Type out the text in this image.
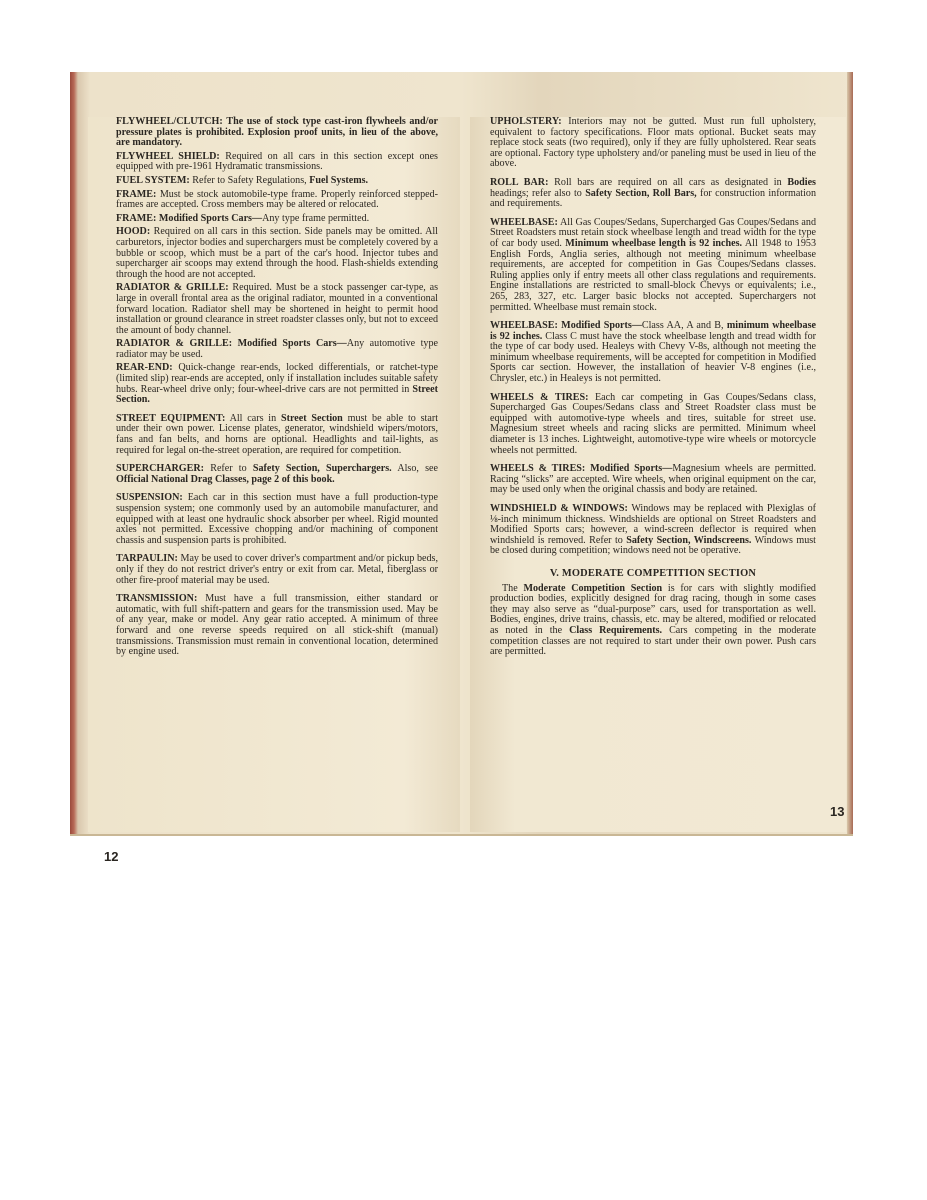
FLYWHEEL/CLUTCH: The use of stock type cast-iron flywheels and/or pressure plates is prohibited. Explosion proof units, in lieu of the above, are mandatory.

FLYWHEEL SHIELD: Required on all cars in this section except ones equipped with pre-1961 Hydramatic transmissions.

FUEL SYSTEM: Refer to Safety Regulations, Fuel Systems.

FRAME: Must be stock automobile-type frame. Properly reinforced stepped-frames are accepted. Cross members may be altered or relocated.

FRAME: Modified Sports Cars—Any type frame permitted.

HOOD: Required on all cars in this section. Side panels may be omitted. All carburetors, injector bodies and superchargers must be completely covered by a bubble or scoop, which must be a part of the car's hood. Injector tubes and supercharger air scoops may extend through the hood. Flash-shields extending through the hood are not accepted.

RADIATOR & GRILLE: Required. Must be a stock passenger car-type, as large in overall frontal area as the original radiator, mounted in a conventional forward location. Radiator shell may be shortened in height to permit hood installation or ground clearance in street roadster classes only, but not to exceed the amount of body channel.

RADIATOR & GRILLE: Modified Sports Cars—Any automotive type radiator may be used.

REAR-END: Quick-change rear-ends, locked differentials, or ratchet-type (limited slip) rear-ends are accepted, only if installation includes suitable safety hubs. Rear-wheel drive only; four-wheel-drive cars are not permitted in Street Section.

STREET EQUIPMENT: All cars in Street Section must be able to start under their own power. License plates, generator, windshield wipers/motors, fans and fan belts, and horns are optional. Headlights and tail-lights, as required for legal on-the-street operation, are required for competition.

SUPERCHARGER: Refer to Safety Section, Superchargers. Also, see Official National Drag Classes, page 2 of this book.

SUSPENSION: Each car in this section must have a full production-type suspension system; one commonly used by an automobile manufacturer, and equipped with at least one hydraulic shock absorber per wheel. Rigid mounted axles not permitted. Excessive chopping and/or machining of component chassis and suspension parts is prohibited.

TARPAULIN: May be used to cover driver's compartment and/or pickup beds, only if they do not restrict driver's entry or exit from car. Metal, fiberglass or other fire-proof material may be used.

TRANSMISSION: Must have a full transmission, either standard or automatic, with full shift-pattern and gears for the transmission used. May be of any year, make or model. Any gear ratio accepted. A minimum of three forward and one reverse speeds required on all stick-shift (manual) transmissions. Transmission must remain in conventional location, determined by engine used.

12

UPHOLSTERY: Interiors may not be gutted. Must run full upholstery, equivalent to factory specifications. Floor mats optional. Bucket seats may replace stock seats (two required), only if they are fully upholstered. Rear seats are optional. Factory type upholstery and/or paneling must be used in lieu of the above.

ROLL BAR: Roll bars are required on all cars as designated in Bodies headings; refer also to Safety Section, Roll Bars, for construction information and requirements.

WHEELBASE: All Gas Coupes/Sedans, Supercharged Gas Coupes/Sedans and Street Roadsters must retain stock wheelbase length and tread width for the type of car body used. Minimum wheelbase length is 92 inches. All 1948 to 1953 English Fords, Anglia series, although not meeting minimum wheelbase requirements, are accepted for competition in Gas Coupes/Sedans classes. Ruling applies only if entry meets all other class regulations and requirements. Engine installations are restricted to small-block Chevys or equivalents; i.e., 265, 283, 327, etc. Larger basic blocks not accepted. Superchargers not permitted. Wheelbase must remain stock.

WHEELBASE: Modified Sports—Class AA, A and B, minimum wheelbase is 92 inches. Class C must have the stock wheelbase length and tread width for the type of car body used. Healeys with Chevy V-8s, although not meeting the minimum wheelbase requirements, will be accepted for competition in Modified Sports car section. However, the installation of heavier V-8 engines (i.e., Chrysler, etc.) in Healeys is not permitted.

WHEELS & TIRES: Each car competing in Gas Coupes/Sedans class, Supercharged Gas Coupes/Sedans class and Street Roadster class must be equipped with automotive-type wheels and tires, suitable for street use. Magnesium street wheels and racing slicks are permitted. Minimum wheel diameter is 13 inches. Lightweight, automotive-type wire wheels or motorcycle wheels not permitted.

WHEELS & TIRES: Modified Sports—Magnesium wheels are permitted. Racing “slicks” are accepted. Wire wheels, when original equipment on the car, may be used only when the original chassis and body are retained.

WINDSHIELD & WINDOWS: Windows may be replaced with Plexiglas of ⅛-inch minimum thickness. Windshields are optional on Street Roadsters and Modified Sports cars; however, a wind-screen deflector is required when windshield is removed. Refer to Safety Section, Windscreens. Windows must be closed during competition; windows need not be operative.

V. MODERATE COMPETITION SECTION

The Moderate Competition Section is for cars with slightly modified production bodies, explicitly designed for drag racing, though in some cases they may also serve as “dual-purpose” cars, used for transportation as well. Bodies, engines, drive trains, chassis, etc. may be altered, modified or relocated as noted in the Class Requirements. Cars competing in the moderate competition classes are not required to start under their own power. Push cars are permitted.

13
